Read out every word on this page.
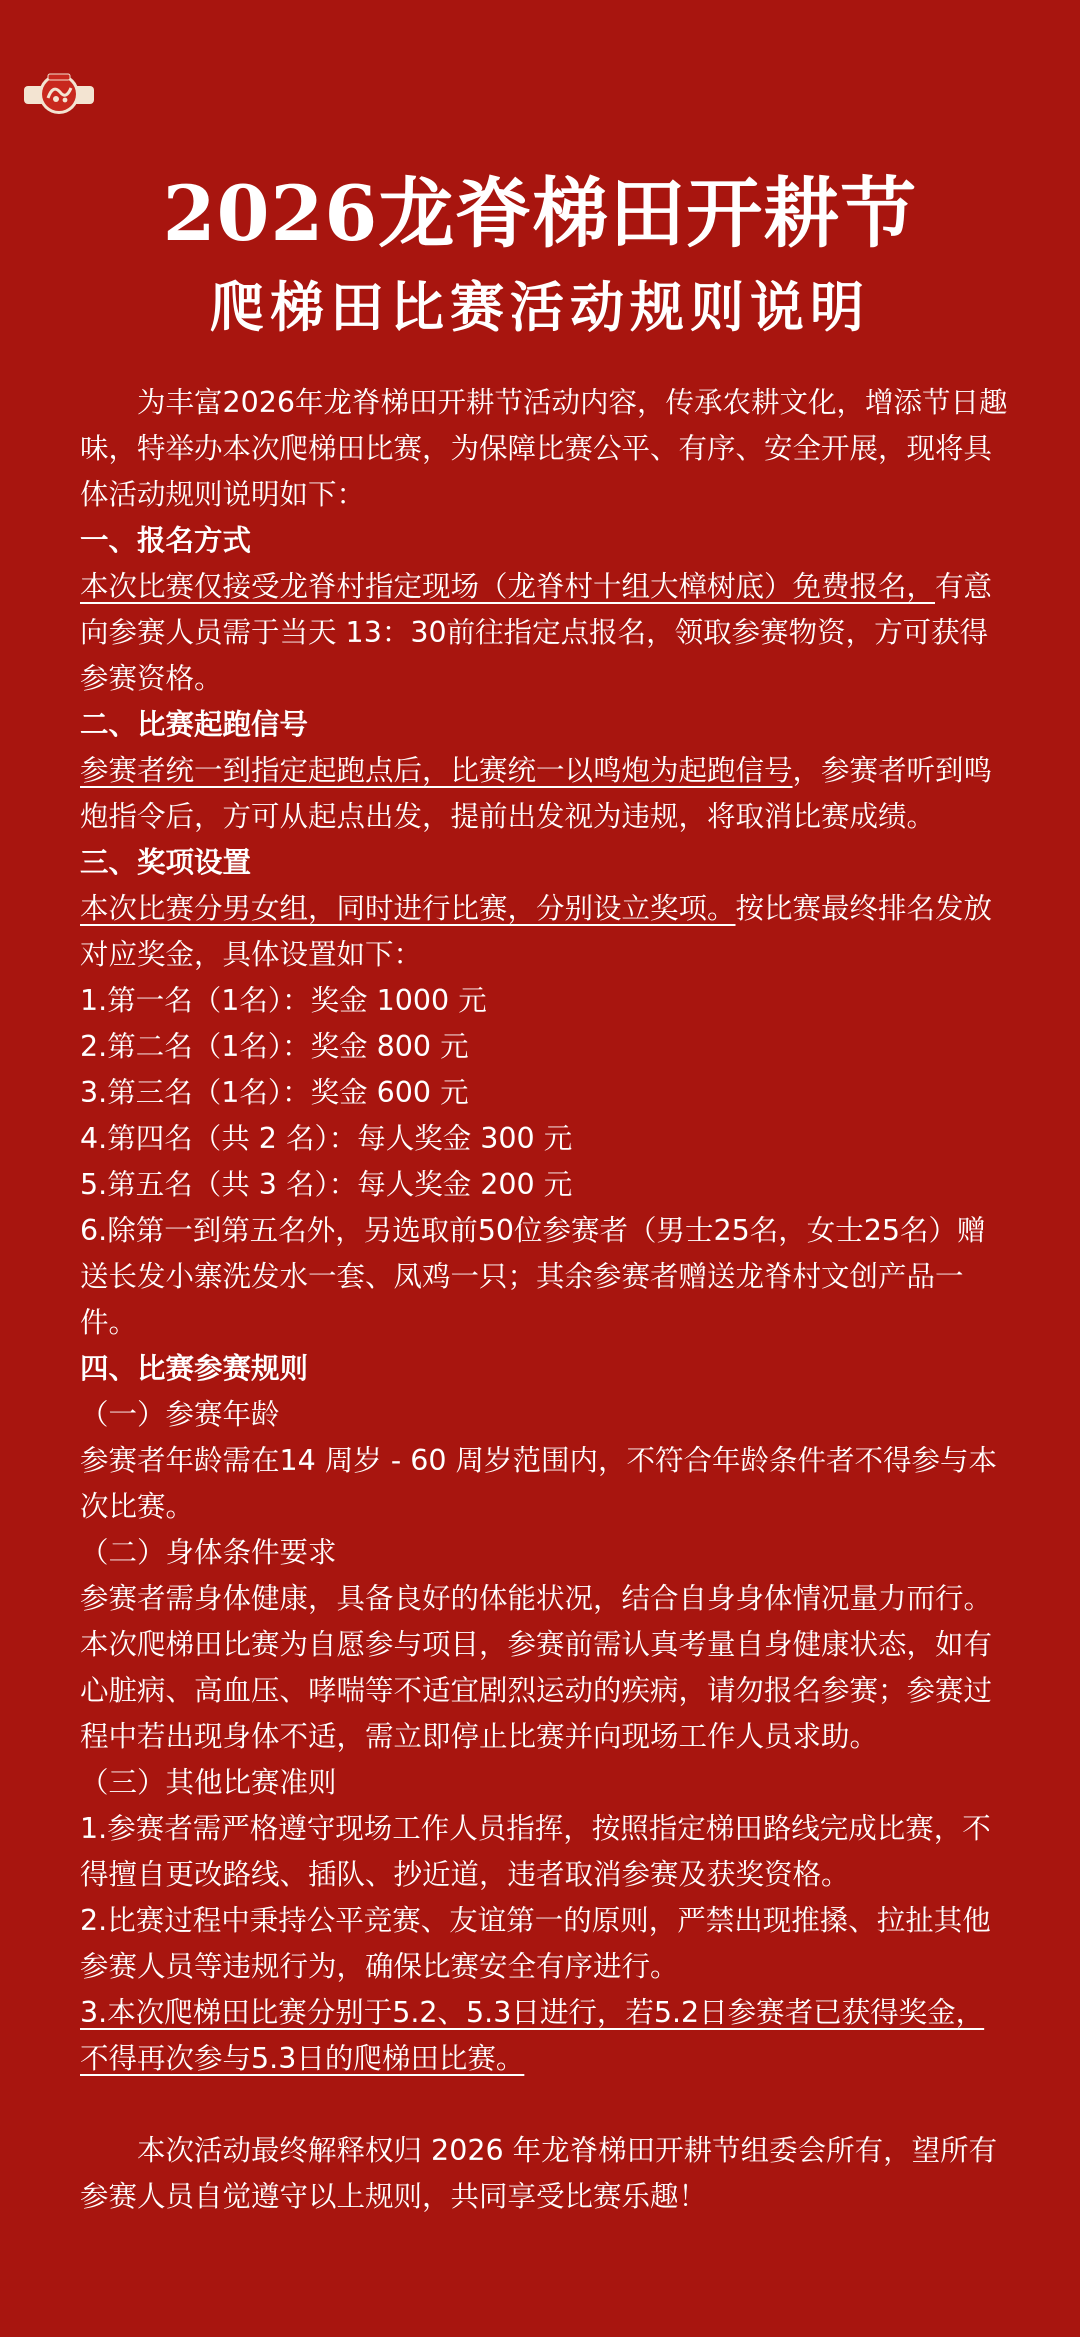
2026龙脊梯田开耕节
爬梯田比赛活动规则说明

为丰富2026年龙脊梯田开耕节活动内容，传承农耕文化，增添节日趣味，特举办本次爬梯田比赛，为保障比赛公平、有序、安全开展，现将具体活动规则说明如下：

一、报名方式

本次比赛仅接受龙脊村指定现场（龙脊村十组大樟树底）免费报名，有意向参赛人员需于当天 13：30前往指定点报名，领取参赛物资，方可获得参赛资格。

二、比赛起跑信号

参赛者统一到指定起跑点后，比赛统一以鸣炮为起跑信号，参赛者听到鸣炮指令后，方可从起点出发，提前出发视为违规，将取消比赛成绩。

三、奖项设置

本次比赛分男女组，同时进行比赛，分别设立奖项。按比赛最终排名发放对应奖金，具体设置如下：

1.第一名（1名）：奖金 1000 元

2.第二名（1名）：奖金 800 元

3.第三名（1名）：奖金 600 元

4.第四名（共 2 名）：每人奖金 300 元

5.第五名（共 3 名）：每人奖金 200 元

6.除第一到第五名外，另选取前50位参赛者（男士25名，女士25名）赠送长发小寨洗发水一套、凤鸡一只；其余参赛者赠送龙脊村文创产品一件。

四、比赛参赛规则

（一）参赛年龄

参赛者年龄需在14 周岁 - 60 周岁范围内，不符合年龄条件者不得参与本次比赛。

（二）身体条件要求

参赛者需身体健康，具备良好的体能状况，结合自身身体情况量力而行。本次爬梯田比赛为自愿参与项目，参赛前需认真考量自身健康状态，如有心脏病、高血压、哮喘等不适宜剧烈运动的疾病，请勿报名参赛；参赛过程中若出现身体不适，需立即停止比赛并向现场工作人员求助。

（三）其他比赛准则

1.参赛者需严格遵守现场工作人员指挥，按照指定梯田路线完成比赛，不得擅自更改路线、插队、抄近道，违者取消参赛及获奖资格。

2.比赛过程中秉持公平竞赛、友谊第一的原则，严禁出现推搡、拉扯其他参赛人员等违规行为，确保比赛安全有序进行。

3.本次爬梯田比赛分别于5.2、5.3日进行，若5.2日参赛者已获得奖金，不得再次参与5.3日的爬梯田比赛。

本次活动最终解释权归 2026 年龙脊梯田开耕节组委会所有，望所有参赛人员自觉遵守以上规则，共同享受比赛乐趣！
